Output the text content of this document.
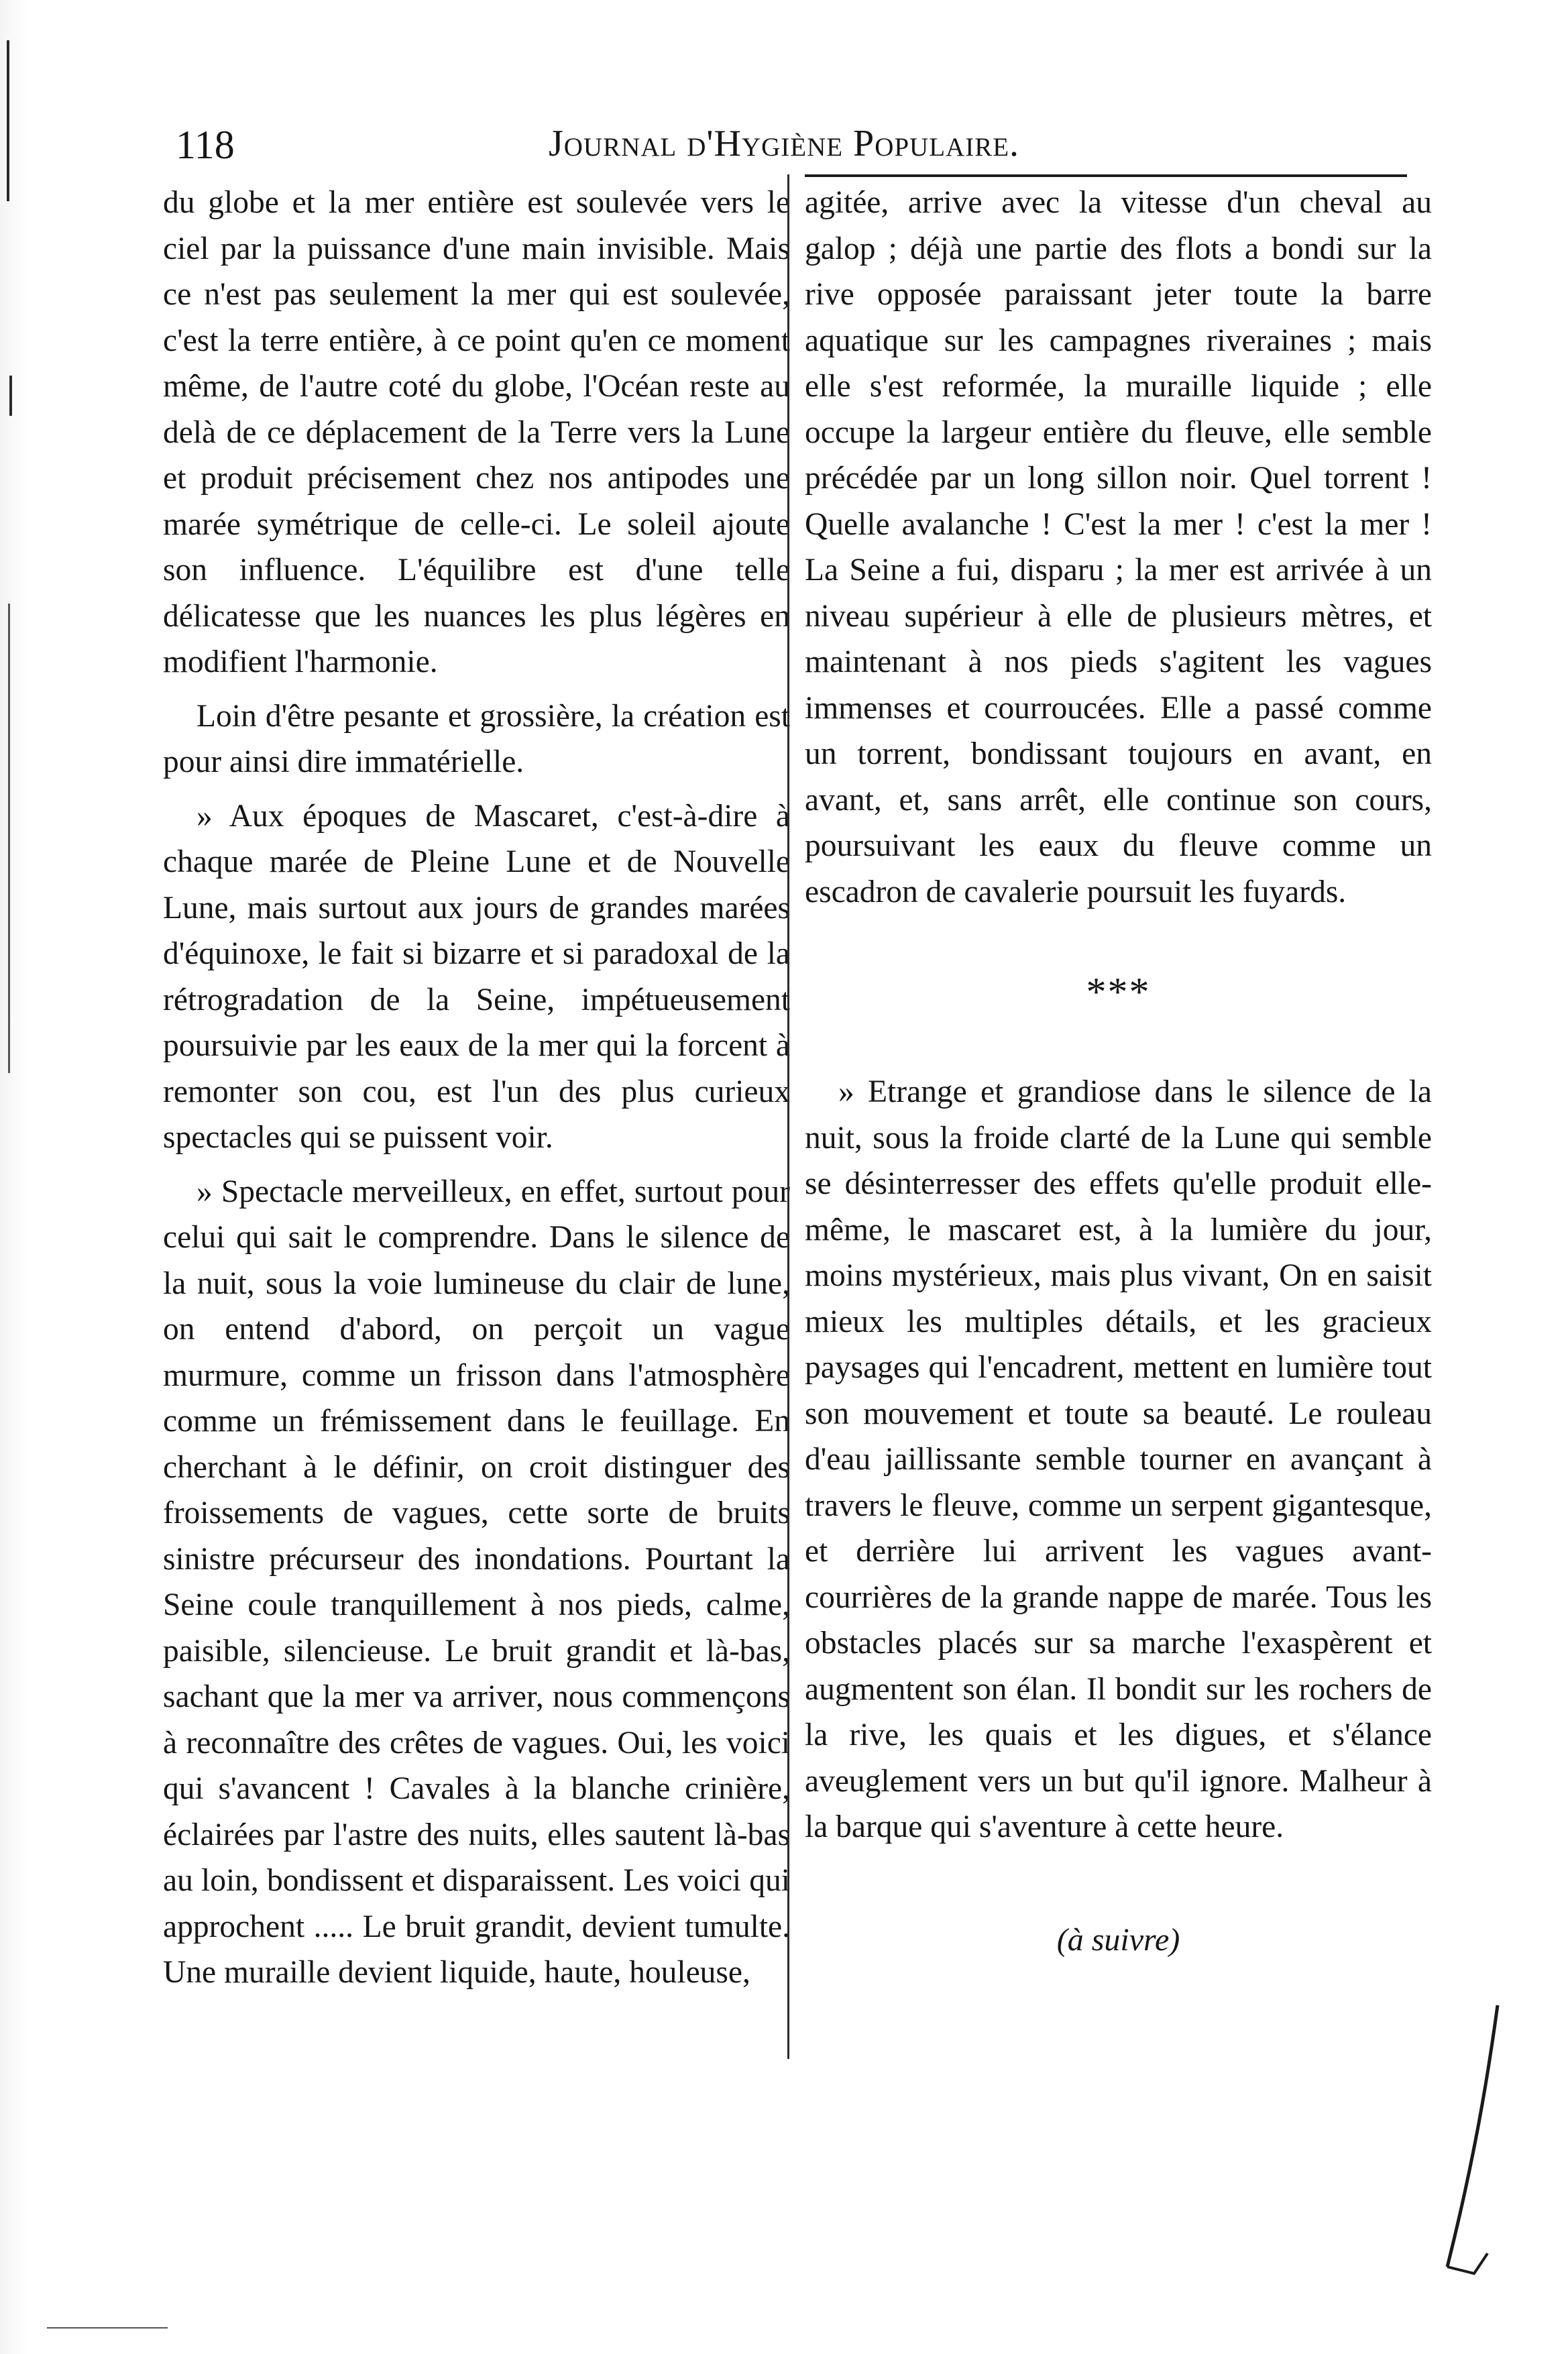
118	Journal d'Hygiène Populaire.

du globe et la mer entière est soulevée vers le ciel par la puissance d'une main invisible. Mais ce n'est pas seulement la mer qui est soulevée, c'est la terre entière, à ce point qu'en ce moment même, de l'autre coté du globe, l'Océan reste au delà de ce déplacement de la Terre vers la Lune et produit précisement chez nos antipodes une marée symétrique de celle-ci. Le soleil ajoute son influence. L'équilibre est d'une telle délicatesse que les nuances les plus légères en modifient l'harmonie.

Loin d'être pesante et grossière, la création est pour ainsi dire immatérielle.

» Aux époques de Mascaret, c'est-à-dire à chaque marée de Pleine Lune et de Nouvelle Lune, mais surtout aux jours de grandes marées d'équinoxe, le fait si bizarre et si paradoxal de la rétrogradation de la Seine, impétueusement poursuivie par les eaux de la mer qui la forcent à remonter son cou, est l'un des plus curieux spectacles qui se puissent voir.

» Spectacle merveilleux, en effet, surtout pour celui qui sait le comprendre. Dans le silence de la nuit, sous la voie lumineuse du clair de lune, on entend d'abord, on perçoit un vague murmure, comme un frisson dans l'atmosphère comme un frémissement dans le feuillage. En cherchant à le définir, on croit distinguer des froissements de vagues, cette sorte de bruits sinistre précurseur des inondations. Pourtant la Seine coule tranquillement à nos pieds, calme, paisible, silencieuse. Le bruit grandit et là-bas, sachant que la mer va arriver, nous commençons à reconnaître des crêtes de vagues. Oui, les voici qui s'avancent ! Cavales à la blanche crinière, éclairées par l'astre des nuits, elles sautent là-bas au loin, bondissent et disparaissent. Les voici qui approchent ..... Le bruit grandit, devient tumulte. Une muraille devient liquide, haute, houleuse,

agitée, arrive avec la vitesse d'un cheval au galop ; déjà une partie des flots a bondi sur la rive opposée paraissant jeter toute la barre aquatique sur les campagnes riveraines ; mais elle s'est reformée, la muraille liquide ; elle occupe la largeur entière du fleuve, elle semble précédée par un long sillon noir. Quel torrent ! Quelle avalanche ! C'est la mer ! c'est la mer ! La Seine a fui, disparu ; la mer est arrivée à un niveau supérieur à elle de plusieurs mètres, et maintenant à nos pieds s'agitent les vagues immenses et courroucées. Elle a passé comme un torrent, bondissant toujours en avant, en avant, et, sans arrêt, elle continue son cours, poursuivant les eaux du fleuve comme un escadron de cavalerie poursuit les fuyards.

***

» Etrange et grandiose dans le silence de la nuit, sous la froide clarté de la Lune qui semble se désinterresser des effets qu'elle produit elle-même, le mascaret est, à la lumière du jour, moins mystérieux, mais plus vivant, On en saisit mieux les multiples détails, et les gracieux paysages qui l'encadrent, mettent en lumière tout son mouvement et toute sa beauté. Le rouleau d'eau jaillissante semble tourner en avançant à travers le fleuve, comme un serpent gigantesque, et derrière lui arrivent les vagues avant-courrières de la grande nappe de marée. Tous les obstacles placés sur sa marche l'exaspèrent et augmentent son élan. Il bondit sur les rochers de la rive, les quais et les digues, et s'élance aveuglement vers un but qu'il ignore. Malheur à la barque qui s'aventure à cette heure.

(à suivre)
